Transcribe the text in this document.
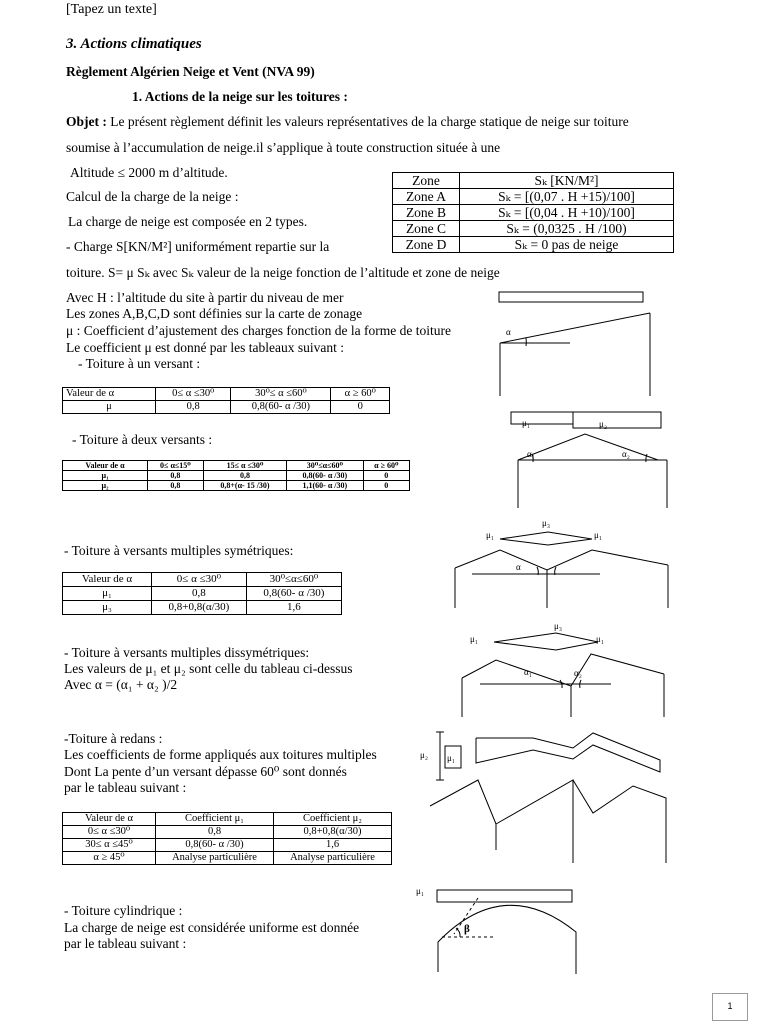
[Tapez un texte]
3. Actions climatiques
Règlement Algérien Neige et Vent (NVA 99)
1. Actions de la neige sur les toitures :
Objet : Le présent règlement définit les valeurs représentatives de la charge statique de neige sur toiture
soumise à l’accumulation de neige.il s’applique à toute construction située à une
Altitude ≤ 2000 m d’altitude.
Calcul de la charge de la neige :
La charge de neige est composée en 2 types.
- Charge S[KN/M²] uniformément repartie sur la
toiture. S= μ Sₖ avec Sₖ valeur de la neige fonction de l’altitude et zone de neige
Zone	Sₖ [KN/M²]
Zone A	Sₖ = [(0,07 . H +15)/100]
Zone B	Sₖ = [(0,04 . H +10)/100]
Zone C	Sₖ = (0,0325 . H /100)
Zone D	Sₖ = 0 pas de neige
Avec H : l’altitude du site à partir du niveau de mer
Les zones A,B,C,D sont définies sur la carte de zonage
μ : Coefficient d’ajustement des charges fonction de la forme de toiture
Le coefficient μ est donné par les tableaux suivant :
- Toiture à un versant :
Valeur de α	0≤ α ≤30⁰	30⁰≤ α ≤60⁰	α ≥ 60⁰
μ	0,8	0,8(60- α /30)	0
- Toiture à deux versants :
Valeur de α	0≤ α≤15⁰	15≤ α ≤30⁰	30⁰≤α≤60⁰	α ≥ 60⁰
μ₁	0,8	0,8	0,8(60- α /30)	0
μ₂	0,8	0,8+(α- 15 /30)	1,1(60- α /30)	0
- Toiture à versants multiples symétriques:
Valeur de α	0≤ α ≤30⁰	30⁰≤α≤60⁰
μ₁	0,8	0,8(60- α /30)
μ₃	0,8+0,8(α/30)	1,6
- Toiture à versants multiples dissymétriques:
Les valeurs de μ₁ et μ₂ sont celle du tableau ci-dessus
Avec α = (α₁ + α₂ )/2
-Toiture à redans :
Les coefficients de forme appliqués aux toitures multiples
Dont La pente d’un versant dépasse 60⁰ sont donnés
par le tableau suivant :
Valeur de α	Coefficient μ₁	Coefficient μ₂
0≤ α ≤30⁰	0,8	0,8+0,8(α/30)
30≤ α ≤45⁰	0,8(60- α /30)	1,6
α ≥ 45⁰	Analyse particulière	Analyse particulière
- Toiture cylindrique :
La charge de neige est considérée uniforme est donnée
par le tableau suivant :
α
μ₁	μ₂
α₁	α₂
μ₁
μ₃
μ₁
α
μ₁
μ₃
μ₁
α₁	α₂
μ₂ μ₁
μ₁
β
1
